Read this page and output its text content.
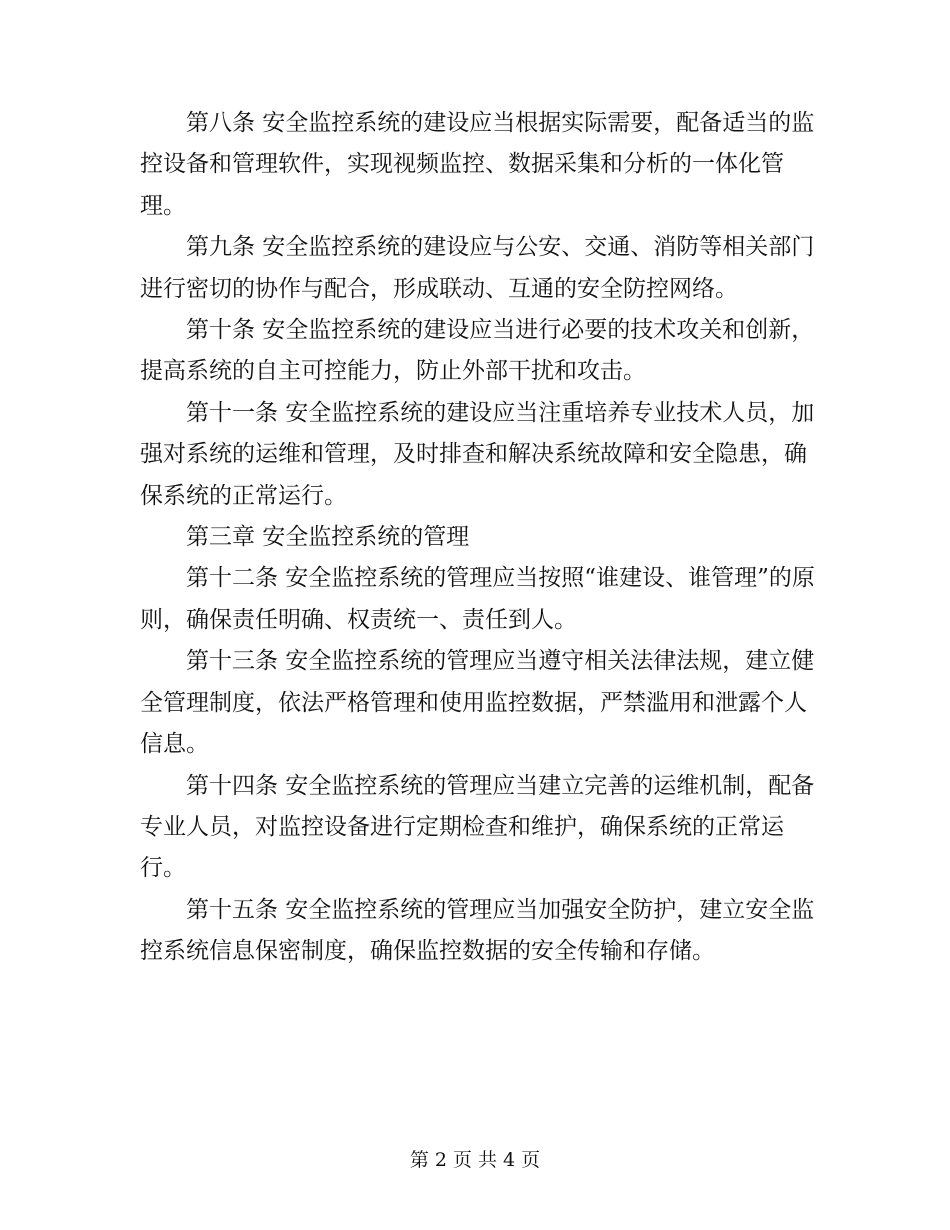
第八条 安全监控系统的建设应当根据实际需要，配备适当的监控设备和管理软件，实现视频监控、数据采集和分析的一体化管理。

第九条 安全监控系统的建设应与公安、交通、消防等相关部门进行密切的协作与配合，形成联动、互通的安全防控网络。

第十条 安全监控系统的建设应当进行必要的技术攻关和创新，提高系统的自主可控能力，防止外部干扰和攻击。

第十一条 安全监控系统的建设应当注重培养专业技术人员，加强对系统的运维和管理，及时排查和解决系统故障和安全隐患，确保系统的正常运行。

第三章 安全监控系统的管理

第十二条 安全监控系统的管理应当按照“谁建设、谁管理”的原则，确保责任明确、权责统一、责任到人。

第十三条 安全监控系统的管理应当遵守相关法律法规，建立健全管理制度，依法严格管理和使用监控数据，严禁滥用和泄露个人信息。

第十四条 安全监控系统的管理应当建立完善的运维机制，配备专业人员，对监控设备进行定期检查和维护，确保系统的正常运行。

第十五条 安全监控系统的管理应当加强安全防护，建立安全监控系统信息保密制度，确保监控数据的安全传输和存储。

第 2 页 共 4 页
